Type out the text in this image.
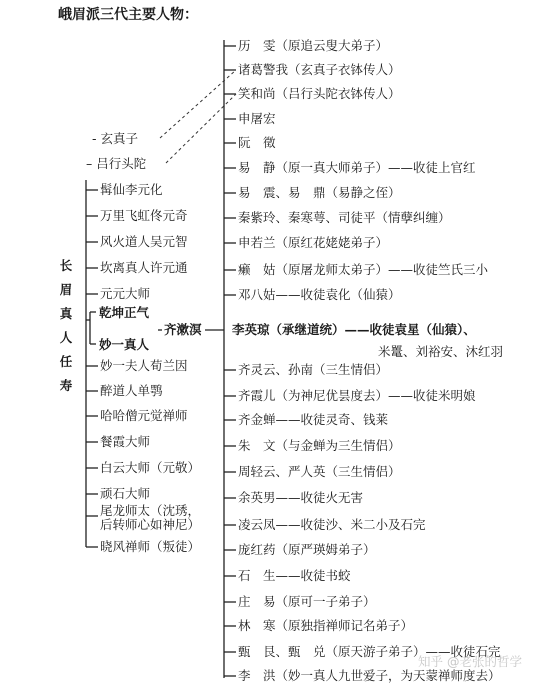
峨眉派三代主要人物：
长
眉
真
人
任
寿
- 玄真子
– 吕行头陀
髯仙李元化
万里飞虹佟元奇
风火道人吴元智
坎离真人许元通
元元大师
乾坤正气
妙一真人
齐漱溟
妙一夫人荀兰因
醉道人单鹗
哈哈僧元觉禅师
餐霞大师
白云大师（元敬）
顽石大师
尾龙师太（沈琇，
后转师心如神尼）
晓风禅师（叛徒）
历　雯（原追云叟大弟子）
诸葛警我（玄真子衣钵传人）
笑和尚（吕行头陀衣钵传人）
申屠宏
阮　徵
易　静（原一真大师弟子）——收徒上官红
易　震、易　鼎（易静之侄）
秦紫玲、秦寒萼、司徒平（情孽纠缠）
申若兰（原红花姥姥弟子）
癞　姑（原屠龙师太弟子）——收徒竺氏三小
邓八姑——收徒袁化（仙猿）
李英琼（承继道统）——收徒袁星（仙猿）、
米鼍、刘裕安、沐红羽
齐灵云、孙南（三生情侣）
齐霞儿（为神尼优昙度去）——收徒米明娘
齐金蝉——收徒灵奇、钱莱
朱　文（与金蝉为三生情侣）
周轻云、严人英（三生情侣）
余英男——收徒火无害
凌云凤——收徒沙、米二小及石完
庞红药（原严瑛姆弟子）
石　生——收徒书蛟
庄　易（原可一子弟子）
林　寒（原独指禅师记名弟子）
甄　艮、甄　兑（原天游子弟子）——收徒石完
李　洪（妙一真人九世爱子，为天蒙禅师度去）
知乎 @老张的哲学
